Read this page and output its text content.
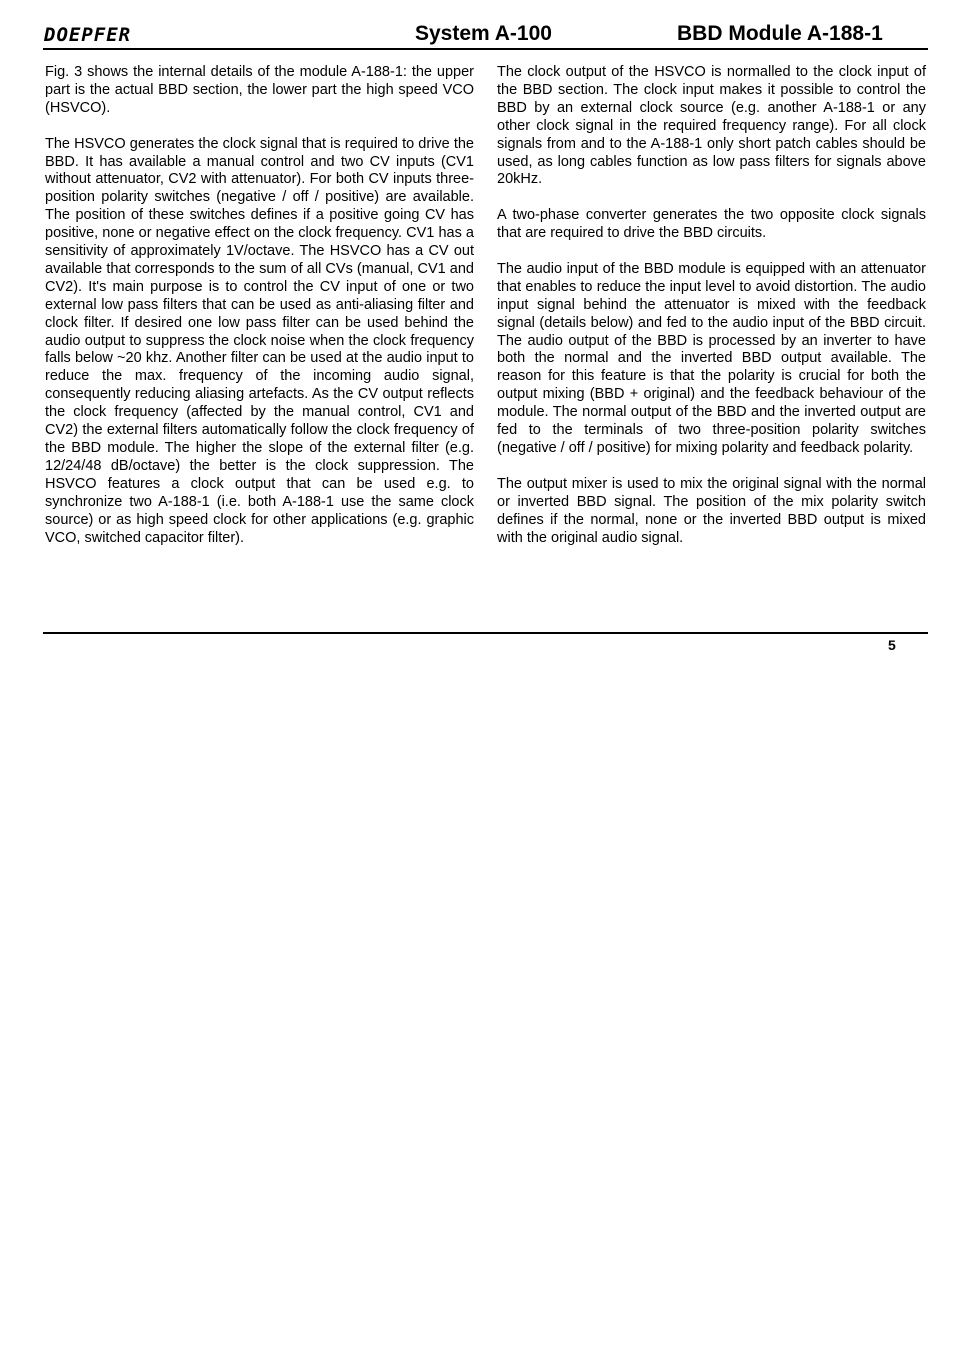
DOEPFER	System A-100	BBD Module A-188-1

Fig. 3 shows the internal details of the module A-188-1: the upper part is the actual BBD section, the lower part the high speed VCO (HSVCO).

The HSVCO generates the clock signal that is required to drive the BBD. It has available a manual control and two CV inputs (CV1 without attenuator, CV2 with attenuator). For both CV inputs three-position polarity switches (negative / off / positive) are available. The position of these switches defines if a positive going CV has positive, none or negative effect on the clock frequency. CV1 has a sensitivity of approximately 1V/octave. The HSVCO has a CV out available that corresponds to the sum of all CVs (manual, CV1 and CV2). It's main purpose is to control the CV input of one or two external low pass filters that can be used as anti-aliasing filter and clock filter. If desired one low pass filter can be used behind the audio output to suppress the clock noise when the clock frequency falls below ~20 khz. Another filter can be used at the audio input to reduce the max. frequency of the incoming audio signal, consequently reducing aliasing artefacts. As the CV output reflects the clock frequency (affected by the manual control, CV1 and CV2) the external filters automatically follow the clock frequency of the BBD module. The higher the slope of the external filter (e.g. 12/24/48 dB/octave) the better is the clock suppression. The HSVCO features a clock output that can be used e.g. to synchronize two A-188-1 (i.e. both A-188-1 use the same clock source) or as high speed clock for other applications (e.g. graphic VCO, switched capacitor filter).

The clock output of the HSVCO is normalled to the clock input of the BBD section. The clock input makes it possible to control the BBD by an external clock source (e.g. another A-188-1 or any other clock signal in the required frequency range). For all clock signals from and to the A-188-1 only short patch cables should be used, as long cables function as low pass filters for signals above 20kHz.

A two-phase converter generates the two opposite clock signals that are required to drive the BBD circuits.

The audio input of the BBD module is equipped with an attenuator that enables to reduce the input level to avoid distortion. The audio input signal behind the attenuator is mixed with the feedback signal (details below) and fed to the audio input of the BBD circuit. The audio output of the BBD is processed by an inverter to have both the normal and the inverted BBD output available. The reason for this feature is that the polarity is crucial for both the output mixing (BBD + original) and the feedback behaviour of the module. The normal output of the BBD and the inverted output are fed to the terminals of two three-position polarity switches (negative / off / positive) for mixing polarity and feedback polarity.

The output mixer is used to mix the original signal with the normal or inverted BBD signal. The position of the mix polarity switch defines if the normal, none or the inverted BBD output is mixed with the original audio signal.

5
